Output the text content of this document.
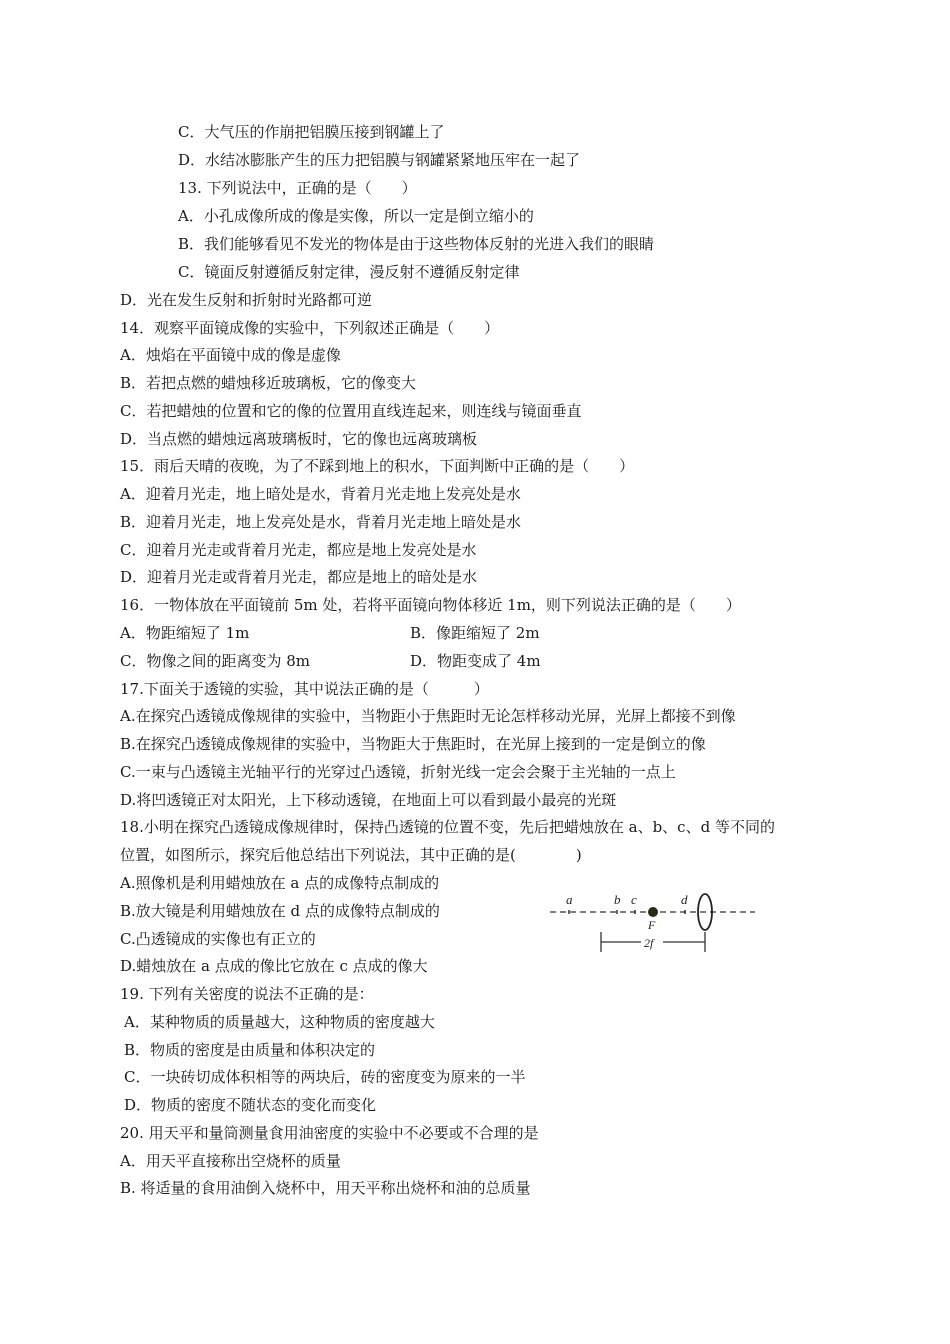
C．大气压的作崩把铝膜压接到钢罐上了
D．水结冰膨胀产生的压力把铝膜与钢罐紧紧地压牢在一起了
13. 下列说法中，正确的是（　　）
A．小孔成像所成的像是实像，所以一定是倒立缩小的
B．我们能够看见不发光的物体是由于这些物体反射的光进入我们的眼睛
C．镜面反射遵循反射定律，漫反射不遵循反射定律
D．光在发生反射和折射时光路都可逆
14．观察平面镜成像的实验中，下列叙述正确是（　　）
A．烛焰在平面镜中成的像是虚像
B．若把点燃的蜡烛移近玻璃板，它的像变大
C．若把蜡烛的位置和它的像的位置用直线连起来，则连线与镜面垂直
D．当点燃的蜡烛远离玻璃板时，它的像也远离玻璃板
15．雨后天晴的夜晚，为了不踩到地上的积水，下面判断中正确的是（　　）
A．迎着月光走，地上暗处是水，背着月光走地上发亮处是水
B．迎着月光走，地上发亮处是水，背着月光走地上暗处是水
C．迎着月光走或背着月光走，都应是地上发亮处是水
D．迎着月光走或背着月光走，都应是地上的暗处是水
16．一物体放在平面镜前 5m 处，若将平面镜向物体移近 1m，则下列说法正确的是（　　）
A．物距缩短了 1m	B．像距缩短了 2m
C．物像之间的距离变为 8m	D．物距变成了 4m
17.下面关于透镜的实验，其中说法正确的是（　　　）
A.在探究凸透镜成像规律的实验中，当物距小于焦距时无论怎样移动光屏，光屏上都接不到像
B.在探究凸透镜成像规律的实验中，当物距大于焦距时，在光屏上接到的一定是倒立的像
C.一束与凸透镜主光轴平行的光穿过凸透镜，折射光线一定会会聚于主光轴的一点上
D.将凹透镜正对太阳光，上下移动透镜，在地面上可以看到最小最亮的光斑
18.小明在探究凸透镜成像规律时，保持凸透镜的位置不变，先后把蜡烛放在 a、b、c、d 等不同的
位置，如图所示，探究后他总结出下列说法，其中正确的是(　　　　)
A.照像机是利用蜡烛放在 a 点的成像特点制成的
B.放大镜是利用蜡烛放在 d 点的成像特点制成的
C.凸透镜成的实像也有正立的
D.蜡烛放在 a 点成的像比它放在 c 点成的像大
a	b c	d
F
2f
19. 下列有关密度的说法不正确的是：
A．某种物质的质量越大，这种物质的密度越大
B．物质的密度是由质量和体积决定的
C．一块砖切成体积相等的两块后，砖的密度变为原来的一半
D．物质的密度不随状态的变化而变化
20. 用天平和量筒测量食用油密度的实验中不必要或不合理的是
A．用天平直接称出空烧杯的质量
B. 将适量的食用油倒入烧杯中，用天平称出烧杯和油的总质量
